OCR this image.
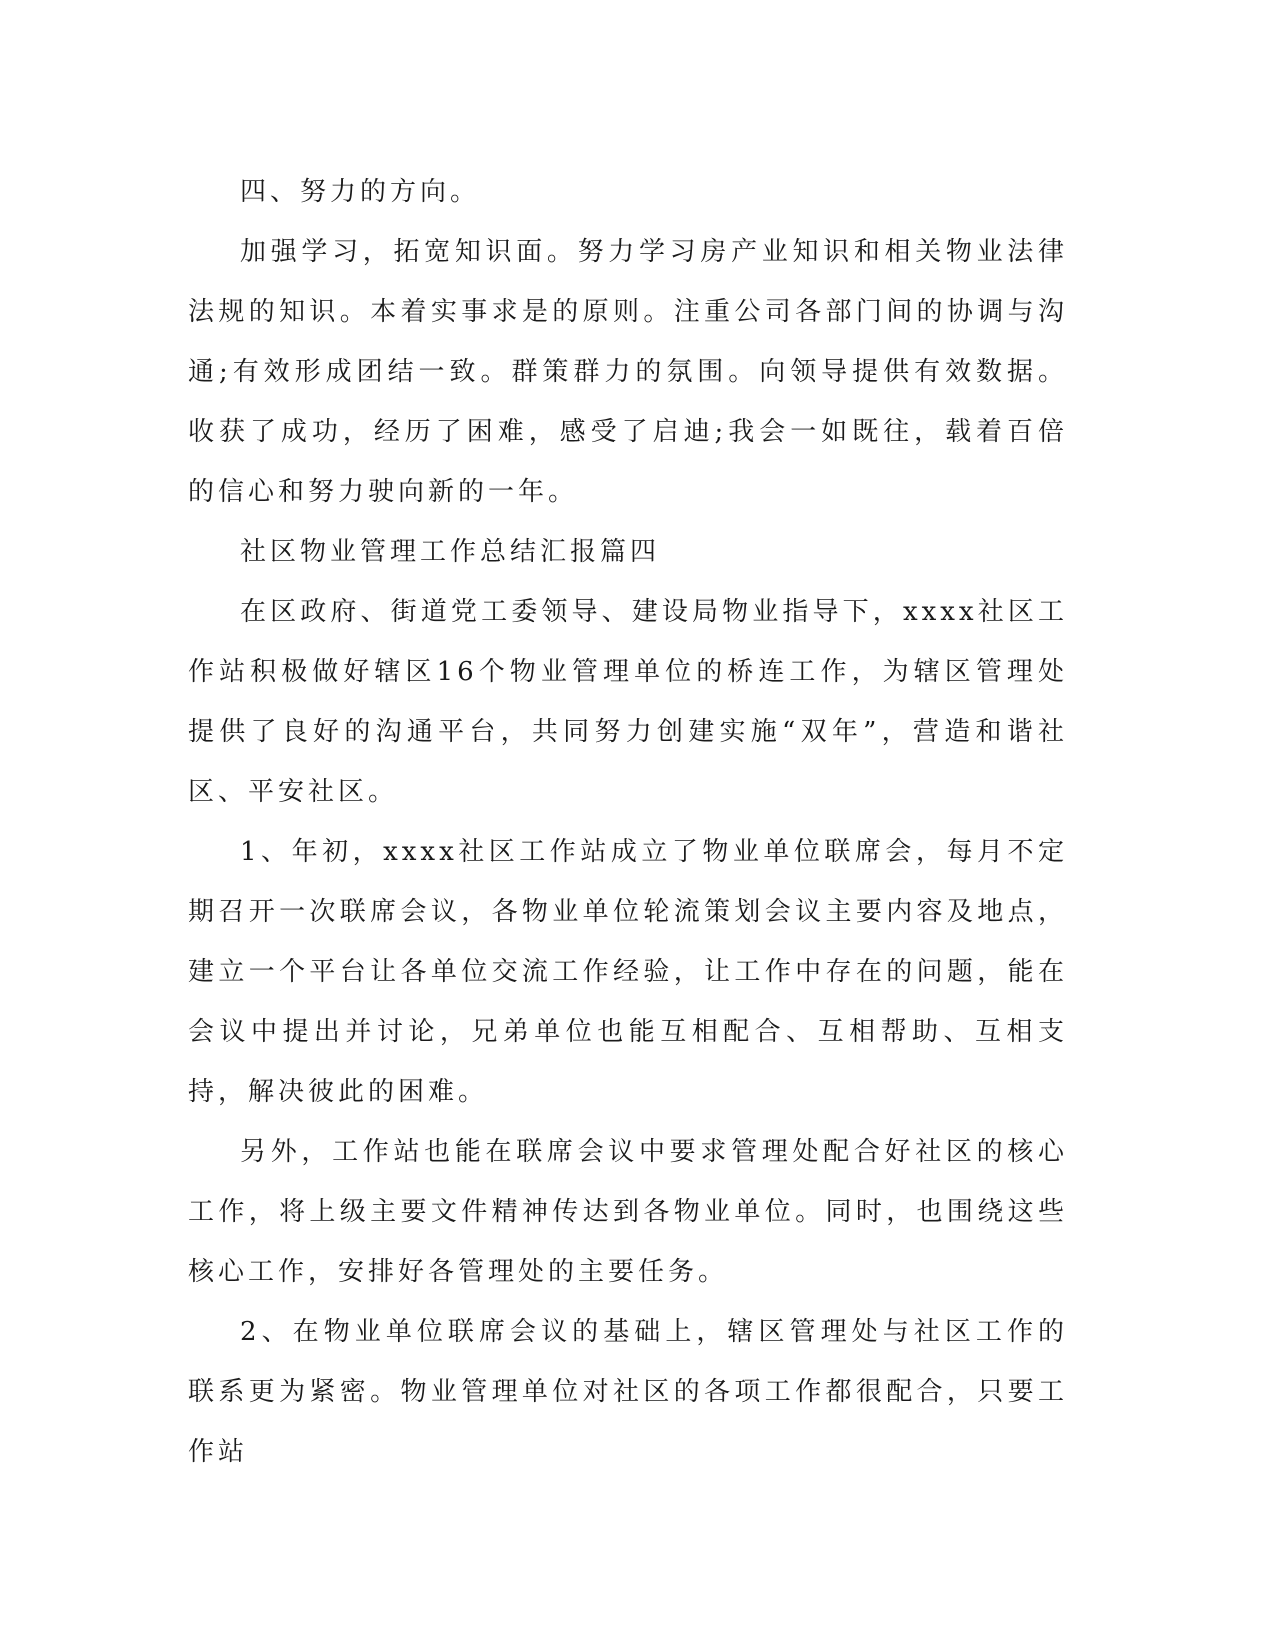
四、努力的方向。

加强学习，拓宽知识面。努力学习房产业知识和相关物业法律法规的知识。本着实事求是的原则。注重公司各部门间的协调与沟通;有效形成团结一致。群策群力的氛围。向领导提供有效数据。收获了成功，经历了困难，感受了启迪;我会一如既往，载着百倍的信心和努力驶向新的一年。

社区物业管理工作总结汇报篇四

在区政府、街道党工委领导、建设局物业指导下，xxxx社区工作站积极做好辖区16个物业管理单位的桥连工作，为辖区管理处提供了良好的沟通平台，共同努力创建实施“双年”，营造和谐社区、平安社区。

1、年初，xxxx社区工作站成立了物业单位联席会，每月不定期召开一次联席会议，各物业单位轮流策划会议主要内容及地点，建立一个平台让各单位交流工作经验，让工作中存在的问题，能在会议中提出并讨论，兄弟单位也能互相配合、互相帮助、互相支持，解决彼此的困难。

另外，工作站也能在联席会议中要求管理处配合好社区的核心工作，将上级主要文件精神传达到各物业单位。同时，也围绕这些核心工作，安排好各管理处的主要任务。

2、在物业单位联席会议的基础上，辖区管理处与社区工作的联系更为紧密。物业管理单位对社区的各项工作都很配合，只要工作站
